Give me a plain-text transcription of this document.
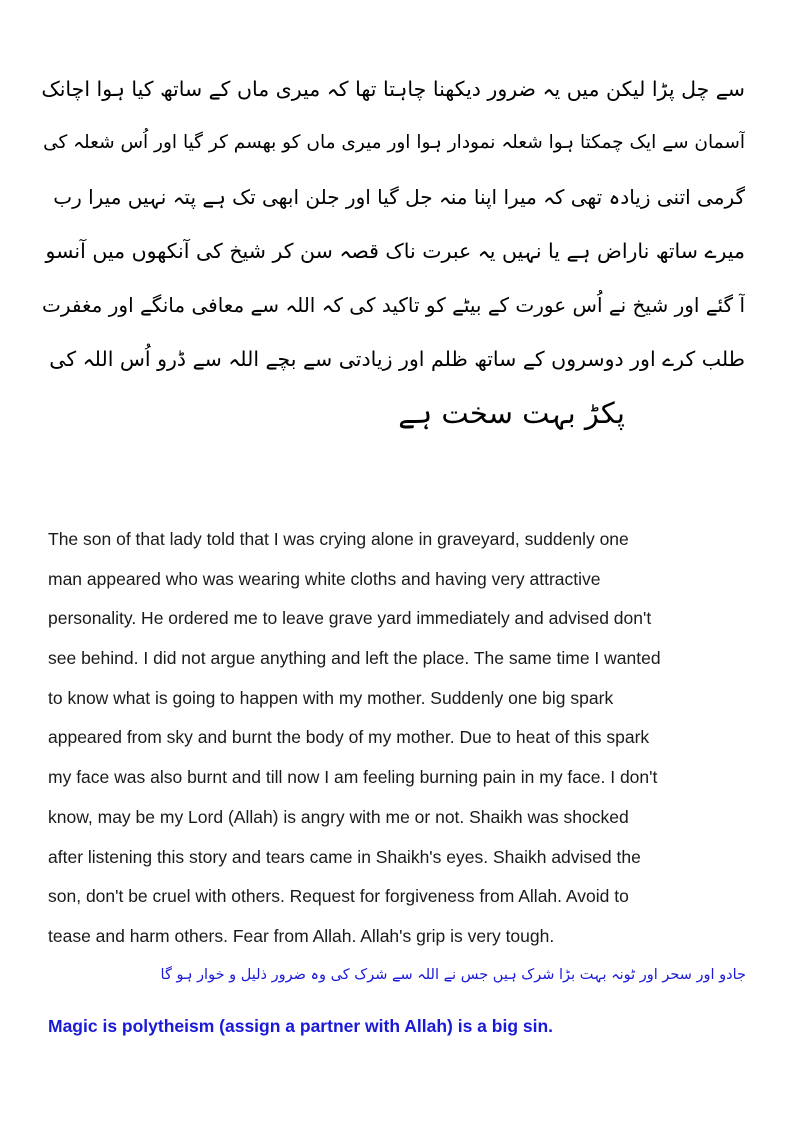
سے چل پڑا لیکن میں یہ ضرور دیکھنا چاہتا تھا کہ میری ماں کے ساتھ کیا ہوا اچانک
آسمان سے ایک چمکتا ہوا شعلہ نمودار ہوا اور میری ماں کو بھسم کر گیا اور اُس شعلہ کی
گرمی اتنی زیادہ تھی کہ میرا اپنا منہ جل گیا اور جلن ابھی تک ہے پتہ نہیں میرا رب
میرے ساتھ ناراض ہے یا نہیں یہ عبرت ناک قصہ سن کر شیخ کی آنکھوں میں آنسو
آ گئے اور شیخ نے اُس عورت کے بیٹے کو تاکید کی کہ اللہ سے معافی مانگے اور مغفرت
طلب کرے اور دوسروں کے ساتھ ظلم اور زیادتی سے بچے اللہ سے ڈرو اُس اللہ کی
پکڑ بہت سخت ہے
The son of that lady told that I was crying alone in graveyard, suddenly one
man appeared who was wearing white cloths and having very attractive
personality. He ordered me to leave grave yard immediately and advised don't
see behind. I did not argue anything and left the place. The same time I wanted
to know what is going to happen with my mother. Suddenly one big spark
appeared from sky and burnt the body of my mother. Due to heat of this spark
my face was also burnt and till now I am feeling burning pain in my face. I don't
know, may be my Lord (Allah) is angry with me or not. Shaikh was shocked
after listening this story and tears came in Shaikh's eyes. Shaikh advised the
son, don't be cruel with others. Request for forgiveness from Allah. Avoid to
tease and harm others. Fear from Allah. Allah's grip is very tough.
جادو اور سحر اور ٹونہ بہت بڑا شرک ہیں جس نے اللہ سے شرک کی وہ ضرور ذلیل و خوار ہو گا
Magic is polytheism (assign a partner with Allah) is a big sin.
